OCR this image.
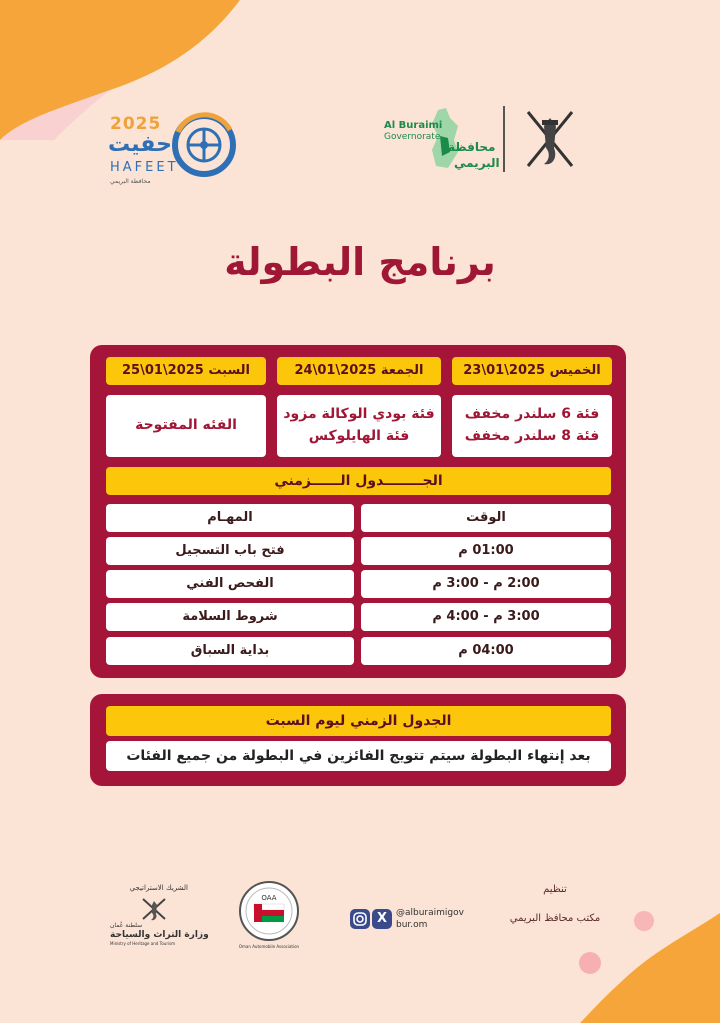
2025
حفيت
HAFEET
محافظة البريمي
Al Buraimi
Governorate
محافظة
البريمي
برنامج البطولة
الخميس 2025\01\23
الجمعة 2025\01\24
السبت 2025\01\25
فئة 6 سلندر مخفف
فئة 8 سلندر مخفف
فئة بودي الوكالة مزود
فئة الهايلوكس
الفئه المفتوحة
الجــــــــدول الــــــزمني
الوقت
المهـام
01:00 م
فتح باب التسجيل
2:00 م - 3:00 م
الفحص الفني
3:00 م - 4:00 م
شروط السلامة
04:00 م
بداية السباق
الجدول الزمني ليوم السبت
بعد إنتهاء البطولة سيتم تتويج الفائزين في البطولة من جميع الفئات
تنظيم
مكتب محافظ البريمي
X @alburaimigov
bur.om
OAA
Oman Automobile Association
الشريك الاستراتيجي
سلطنة عُمان
وزارة التراث والسياحة
Ministry of Heritage and Tourism
